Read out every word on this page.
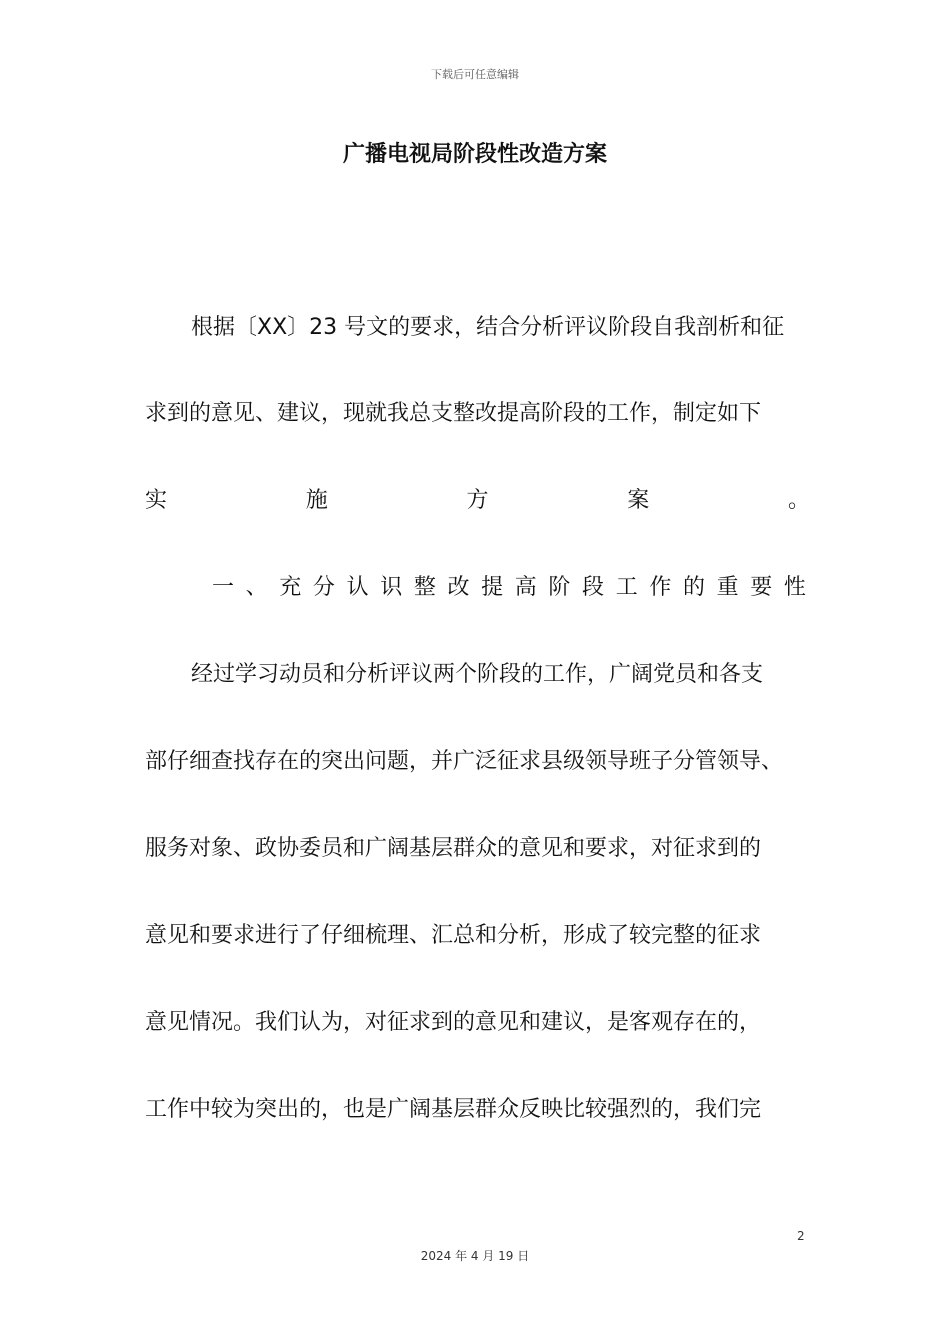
下载后可任意编辑
广播电视局阶段性改造方案
根据〔XX〕23 号文的要求，结合分析评议阶段自我剖析和征
求到的意见、建议，现就我总支整改提高阶段的工作，制定如下
实	施	方	案	。
一 、 充 分 认 识 整 改 提 高 阶 段 工 作 的 重 要 性
经过学习动员和分析评议两个阶段的工作，广阔党员和各支
部仔细查找存在的突出问题，并广泛征求县级领导班子分管领导、
服务对象、政协委员和广阔基层群众的意见和要求，对征求到的
意见和要求进行了仔细梳理、汇总和分析，形成了较完整的征求
意见情况。我们认为，对征求到的意见和建议，是客观存在的，
工作中较为突出的，也是广阔基层群众反映比较强烈的，我们完
2
2024 年 4 月 19 日
